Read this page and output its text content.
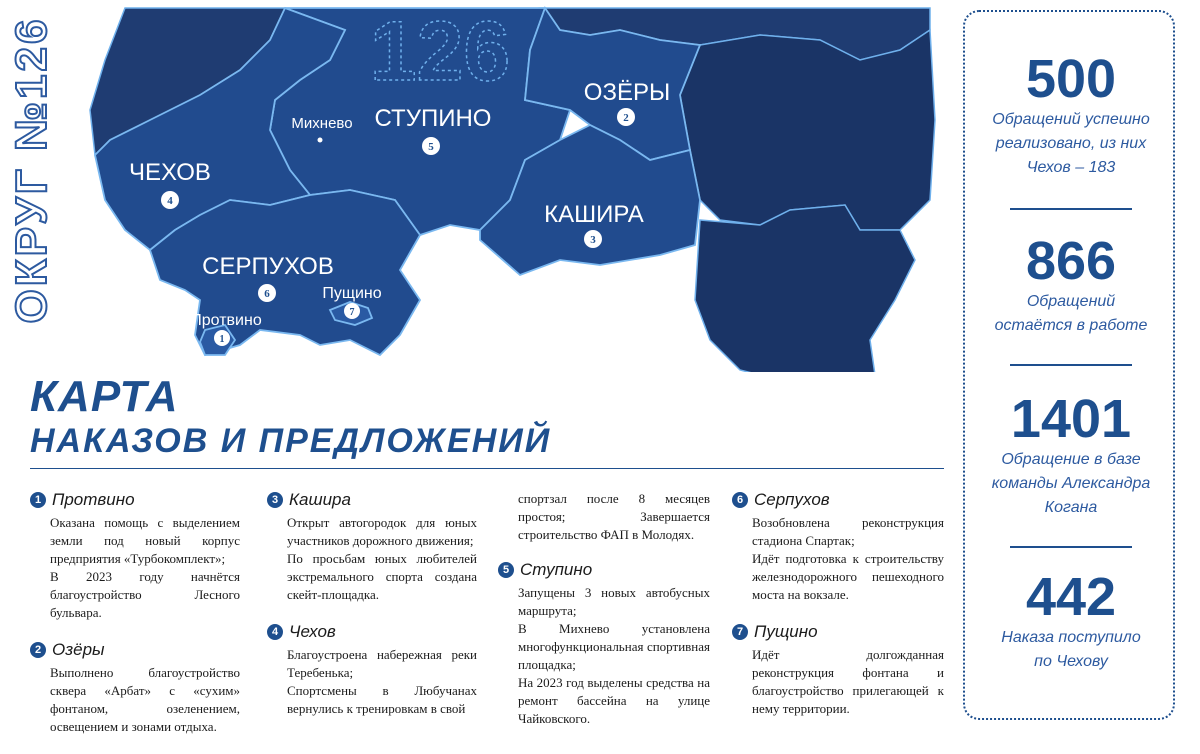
126	ОЗЁРЫ
КАШИРА
ЧЕХОВ
СТУПИНО
СЕРПУХОВ
Пущино
Протвино
Михнево	2
3
4
5
6
7
1
ОКРУГ №126
КАРТА
НАКАЗОВ И ПРЕДЛОЖЕНИЙ
1 Протвино

Оказана помощь с выделением земли под новый корпус предприятия «Турбокомплект»;

В 2023 году начнётся благоустройство Лесного бульвара.

2 Озёры

Выполнено благоустройство сквера «Арбат» с «сухим» фонтаном, озеленением, освещением и зонами отдыха.

3 Кашира

Открыт автогородок для юных участников дорожного движения;

По просьбам юных любителей экстремального спорта создана скейт-площадка.

4 Чехов

Благоустроена набережная реки Теребенька;

Спортсмены в Любучанах вернулись к тренировкам в свой

спортзал после 8 месяцев простоя; Завершается строительство ФАП в Молодях.

5 Ступино

Запущены 3 новых автобусных маршрута;

В Михнево установлена многофункциональная спортивная площадка;

На 2023 год выделены средства на ремонт бассейна на улице Чайковского.

6 Серпухов

Возобновлена реконструкция стадиона Спартак;

Идёт подготовка к строительству железнодорожного пешеходного моста на вокзале.

7 Пущино

Идёт долгожданная реконструкция фонтана и благоустройство прилегающей к нему территории.

500
Обращений успешно реализовано, из них Чехов – 183
866
Обращений остаётся в работе
1401
Обращение в базе команды Александра Когана
442
Наказа поступило по Чехову
